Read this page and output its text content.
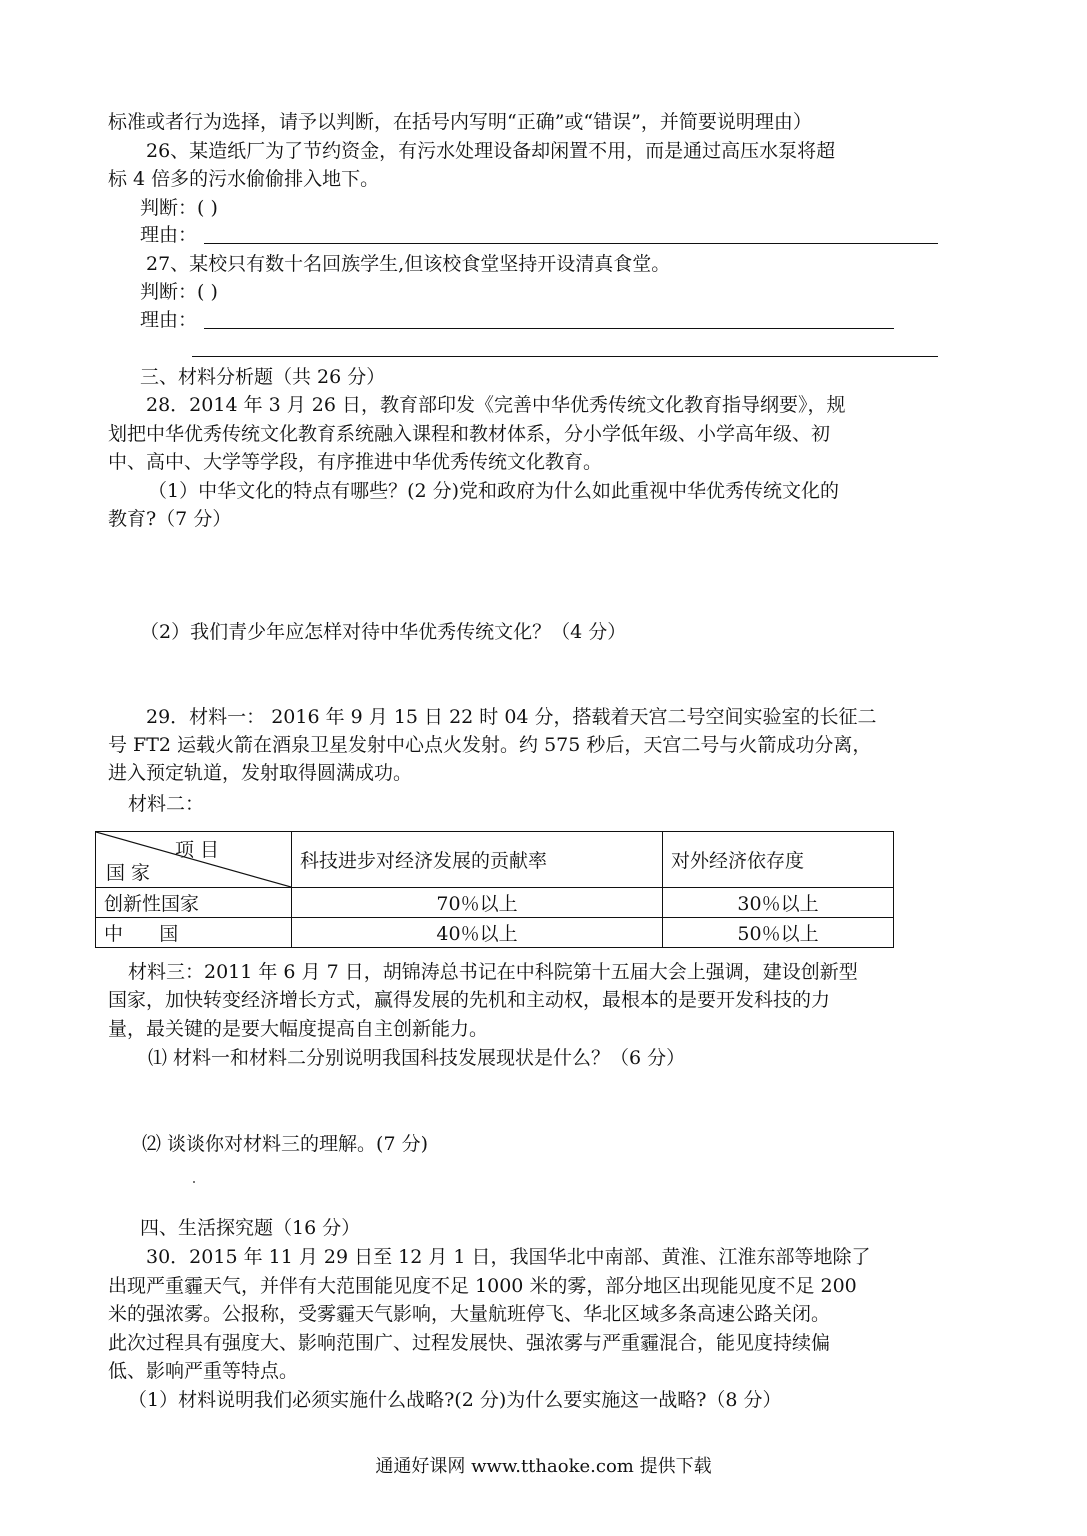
标准或者行为选择，请予以判断，在括号内写明“正确”或“错误”，并简要说明理由）
26、某造纸厂为了节约资金，有污水处理设备却闲置不用，而是通过高压水泵将超
标 4 倍多的污水偷偷排入地下。
判断：( )
理由：
27、某校只有数十名回族学生,但该校食堂坚持开设清真食堂。
判断：( )
理由：
三、材料分析题（共 26 分）
28．2014 年 3 月 26 日，教育部印发《完善中华优秀传统文化教育指导纲要》，规
划把中华优秀传统文化教育系统融入课程和教材体系，分小学低年级、小学高年级、初
中、高中、大学等学段，有序推进中华优秀传统文化教育。
（1）中华文化的特点有哪些？(2 分)党和政府为什么如此重视中华优秀传统文化的
教育?（7 分）
（2）我们青少年应怎样对待中华优秀传统文化？（4 分）
29．材料一： 2016 年 9 月 15 日 22 时 04 分，搭载着天宫二号空间实验室的长征二
号 FT2 运载火箭在酒泉卫星发射中心点火发射。约 575 秒后，天宫二号与火箭成功分离，
进入预定轨道，发射取得圆满成功。
材料二：
项 目
国 家	科技进步对经济发展的贡献率	对外经济依存度
创新性国家	70％以上	30％以上
中      国	40％以上	50％以上
材料三：2011 年 6 月 7 日，胡锦涛总书记在中科院第十五届大会上强调，建设创新型
国家，加快转变经济增长方式，赢得发展的先机和主动权，最根本的是要开发科技的力
量，最关键的是要大幅度提高自主创新能力。
⑴ 材料一和材料二分别说明我国科技发展现状是什么？（6 分）
⑵ 谈谈你对材料三的理解。(7 分)
四、生活探究题（16 分）
30．2015 年 11 月 29 日至 12 月 1 日，我国华北中南部、黄淮、江淮东部等地除了
出现严重霾天气，并伴有大范围能见度不足 1000 米的雾，部分地区出现能见度不足 200
米的强浓雾。公报称，受雾霾天气影响，大量航班停飞、华北区域多条高速公路关闭。
此次过程具有强度大、影响范围广、过程发展快、强浓雾与严重霾混合，能见度持续偏
低、影响严重等特点。
（1）材料说明我们必须实施什么战略?(2 分)为什么要实施这一战略?（8 分）
通通好课网 www.tthaoke.com 提供下载
